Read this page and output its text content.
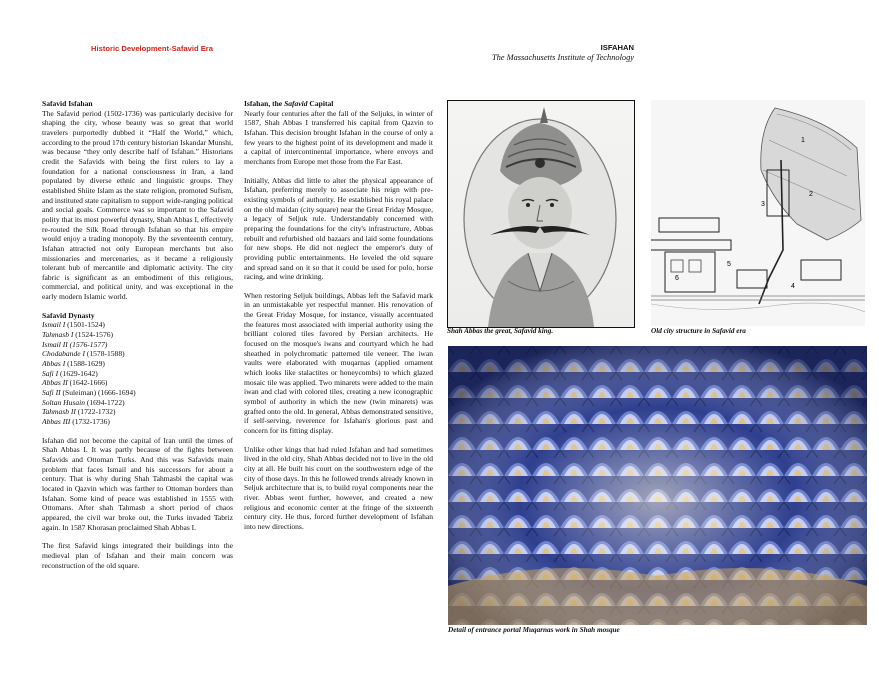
Historic Development-Safavid Era	ISFAHAN
The Massachusetts Institute of Technology
Safavid Isfahan

The Safavid period (1502-1736) was particularly decisive for shaping the city, whose beauty was so great that world travelers purportedly dubbed it “Half the World,” which, according to the proud 17th century historian Iskandar Munshi, was because “they only describe half of Isfahan.” Historians credit the Safavids with being the first rulers to lay a foundation for a national consciousness in Iran, a land populated by diverse ethnic and linguistic groups. They established Shiite Islam as the state religion, promoted Sufism, and instituted state capitalism to support wide-ranging political and social goals. Commerce was so important to the Safavid polity that its most powerful dynasty, Shah Abbas I, effectively re-routed the Silk Road through Isfahan so that his empire would enjoy a trading monopoly. By the seventeenth century, Isfahan attracted not only European merchants but also missionaries and mercenaries, as it became a religiously tolerant hub of mercantile and diplomatic activity. The city fabric is significant as an embodiment of this religious, commercial, and political unity, and was exceptional in the early modern Islamic world.

Safavid Dynasty
Ismail I (1501-1524)
Tahmasb I (1524-1576)
Ismail II (1576-1577)
Chodabande I (1578-1588)
Abbas I (1588-1629)
Safi I (1629-1642)
Abbas II (1642-1666)
Safi II (Suleiman) (1666-1694)
Soltan Husain (1694-1722)
Tahmasb II (1722-1732)
Abbas III (1732-1736)

Isfahan did not become the capital of Iran until the times of Shah Abbas I. It was partly because of the fights between Safavids and Ottoman Turks. And this was Safavids main problem that faces Ismail and his successors for about a century. That is why during Shah Tahmasbi the capital was located in Qazvin which was farther to Ottoman borders than Isfahan. Some kind of peace was established in 1555 with Ottomans. After shah Tahmasb a short period of chaos appeared, the civil war broke out, the Turks invaded Tabriz again. In 1587 Khorasan proclaimed Shah Abbas I.

The first Safavid kings integrated their buildings into the medieval plan of Isfahan and their main concern was reconstruction of the old square.

Isfahan, the Safavid Capital

Nearly four centuries after the fall of the Seljuks, in winter of 1587, Shah Abbas I transferred his capital from Qazvin to Isfahan. This decision brought Isfahan in the course of only a few years to the highest point of its development and made it a capital of intercontinental importance, where envoys and merchants from Europe met those from the Far East.

Initially, Abbas did little to alter the physical appearance of Isfahan, preferring merely to associate his reign with pre-existing symbols of authority. He established his royal palace on the old maidan (city square) near the Great Friday Mosque, a legacy of Seljuk rule. Understandably concerned with preparing the foundations for the city's infrastructure, Abbas rebuilt and refurbished old bazaars and laid some foundations for new shops. He did not neglect the emperor's duty of providing public entertainments. He leveled the old square and spread sand on it so that it could be used for polo, horse racing, and wine drinking.

When restoring Seljuk buildings, Abbas left the Safavid mark in an unmistakable yet respectful manner. His renovation of the Great Friday Mosque, for instance, visually accentuated the features most associated with imperial authority using the brilliant colored tiles favored by Persian architects. He focused on the mosque's iwans and courtyard which he had sheathed in polychromatic patterned tile veneer. The iwan vaults were elaborated with muqarnas (applied ornament which looks like stalactites or honeycombs) to which glazed mosaic tile was applied. Two minarets were added to the main iwan and clad with colored tiles, creating a new iconographic symbol of authority in which the new (twin minarets) was grafted onto the old. In general, Abbas demonstrated sensitive, if self-serving, reverence for Isfahan's glorious past and concern for its fitting display.

Unlike other kings that had ruled Isfahan and had sometimes lived in the old city, Shah Abbas decided not to live in the old city at all. He built his court on the southwestern edge of the city of those days. In this he followed trends already known in Seljuk architecture that is, to build royal components near the river. Abbas went further, however, and created a new religious and economic center at the fringe of the sixteenth century city. He thus, forced further development of Isfahan into new directions.

1
2
3
4
5
6
Shah Abbas the great, Safavid king.	Old city structure in Safavid era
Detail of entrance portal Muqarnas work in Shah mosque
